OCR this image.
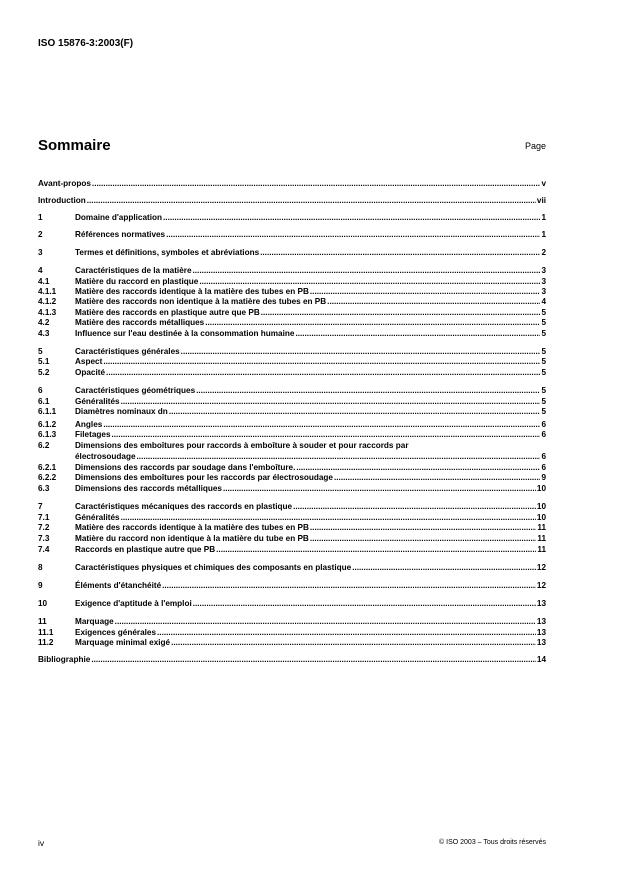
ISO 15876-3:2003(F)
Sommaire	Page
Avant-propos .....	v
Introduction .....	vii
1	Domaine d'application .....	1
2	Références normatives .....	1
3	Termes et définitions, symboles et abréviations .....	2
4	Caractéristiques de la matière .....	3
4.1	Matière du raccord en plastique .....	3
4.1.1	Matière des raccords identique à la matière des tubes en PB .....	3
4.1.2	Matière des raccords non identique à la matière des tubes en PB .....	4
4.1.3	Matière des raccords en plastique autre que PB .....	5
4.2	Matière des raccords métalliques .....	5
4.3	Influence sur l'eau destinée à la consommation humaine .....	5
5	Caractéristiques générales .....	5
5.1	Aspect .....	5
5.2	Opacité .....	5
6	Caractéristiques géométriques .....	5
6.1	Généralités .....	5
6.1.1	Diamètres nominaux dn .....	5
6.1.2	Angles .....	6
6.1.3	Filetages .....	6
6.2	Dimensions des emboîtures pour raccords à emboîture à souder et pour raccords par
électrosoudage .....	6
6.2.1	Dimensions des raccords par soudage dans l'emboîture. .....	6
6.2.2	Dimensions des emboîtures pour les raccords par électrosoudage .....	9
6.3	Dimensions des raccords métalliques .....	10
7	Caractéristiques mécaniques des raccords en plastique .....	10
7.1	Généralités .....	10
7.2	Matière des raccords identique à la matière des tubes en PB .....	11
7.3	Matière du raccord non identique à la matière du tube en PB .....	11
7.4	Raccords en plastique autre que PB .....	11
8	Caractéristiques physiques et chimiques des composants en plastique .....	12
9	Éléments d'étanchéité .....	12
10	Exigence d'aptitude à l'emploi .....	13
11	Marquage .....	13
11.1	Exigences générales .....	13
11.2	Marquage minimal exigé .....	13
Bibliographie .....	14
iv	© ISO 2003 – Tous droits réservés
